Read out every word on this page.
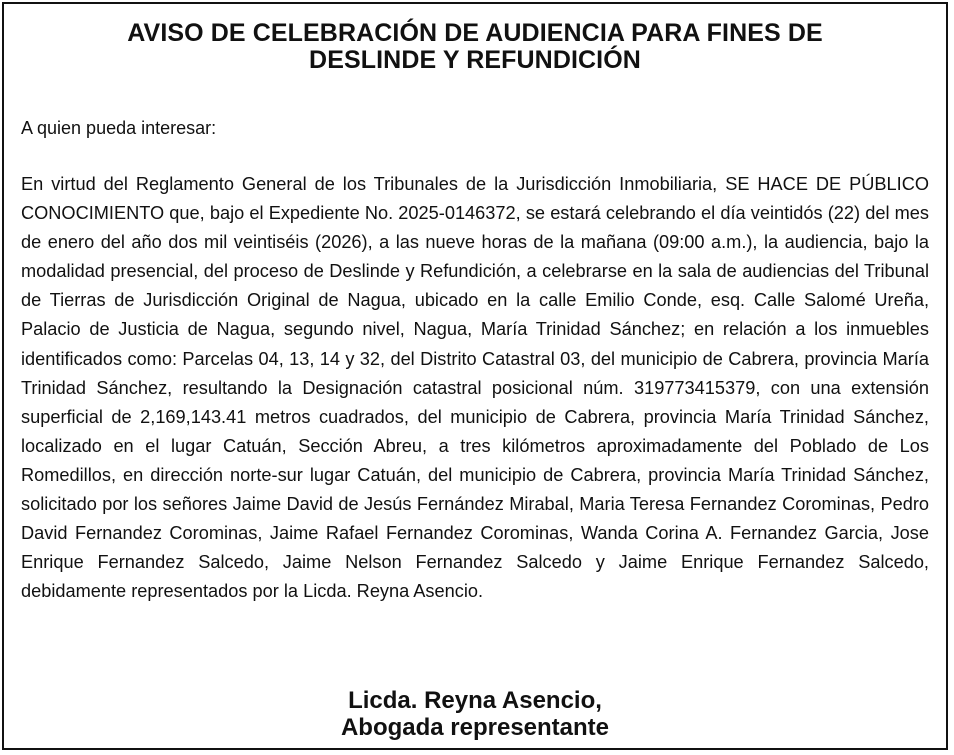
AVISO DE CELEBRACIÓN DE AUDIENCIA PARA FINES DE
DESLINDE Y REFUNDICIÓN
A quien pueda interesar:
En virtud del Reglamento General de los Tribunales de la Jurisdicción Inmobiliaria, SE HACE DE PÚBLICO CONOCIMIENTO que, bajo el Expediente No. 2025-0146372, se estará celebrando el día veintidós (22) del mes de enero del año dos mil veintiséis (2026), a las nueve horas de la mañana (09:00 a.m.), la audiencia, bajo la modalidad presencial, del proceso de Deslinde y Refundición, a celebrarse en la sala de audiencias del Tribunal de Tierras de Jurisdicción Original de Nagua, ubicado en la calle Emilio Conde, esq. Calle Salomé Ureña, Palacio de Justicia de Nagua, segundo nivel, Nagua, María Trinidad Sánchez; en relación a los inmuebles identificados como: Parcelas 04, 13, 14 y 32, del Distrito Catastral 03, del municipio de Cabrera, provincia María Trinidad Sánchez, resultando la Designación catastral posicional núm. 319773415379, con una extensión superficial de 2,169,143.41 metros cuadrados, del municipio de Cabrera, provincia María Trinidad Sánchez, localizado en el lugar Catuán, Sección Abreu, a tres kilómetros aproximadamente del Poblado de Los Romedillos, en dirección norte-sur lugar Catuán, del municipio de Cabrera, provincia María Trinidad Sánchez, solicitado por los señores Jaime David de Jesús Fernández Mirabal, Maria Teresa Fernandez Corominas, Pedro David Fernandez Corominas, Jaime Rafael Fernandez Corominas, Wanda Corina A. Fernandez Garcia, Jose Enrique Fernandez Salcedo, Jaime Nelson Fernandez Salcedo y Jaime Enrique Fernandez Salcedo, debidamente representados por la Licda. Reyna Asencio.
Licda. Reyna Asencio,
Abogada representante
